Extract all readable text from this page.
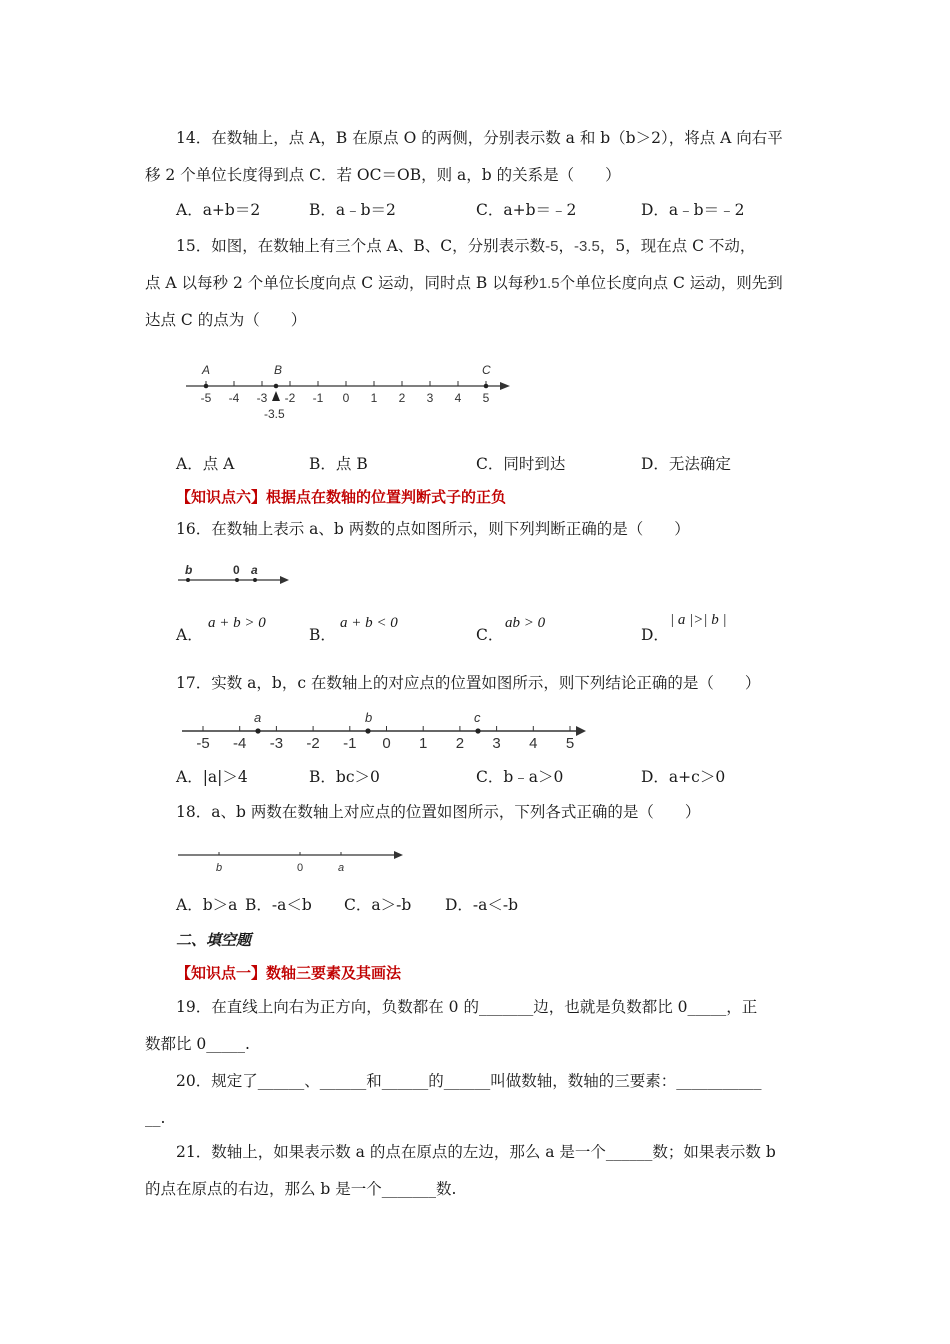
14．在数轴上，点 A，B 在原点 O 的两侧，分别表示数 a 和 b（b＞2），将点 A 向右平
移 2 个单位长度得到点 C．若 OC＝OB，则 a，b 的关系是（　　）
A．a+b＝2	B．a﹣b＝2	C．a+b＝﹣2	D．a﹣b＝﹣2
15．如图，在数轴上有三个点 A、B、C，分别表示数-5，-3.5，5，现在点 C 不动，
点 A 以每秒 2 个单位长度向点 C 运动，同时点 B 以每秒1.5个单位长度向点 C 运动，则先到
达点 C 的点为（　　）
-5 -4 -3 -2 -1 0 1 2 3 4 5
A	B	C
-3.5
A．点 A	B．点 B	C．同时到达	D．无法确定
【知识点六】根据点在数轴的位置判断式子的正负
16．在数轴上表示 a、b 两数的点如图所示，则下列判断正确的是（　　）
b	0 a
A．
a + b > 0
B．
a + b < 0
C．
ab > 0
D．
| a |>| b |
17．实数 a，b，c 在数轴上的对应点的位置如图所示，则下列结论正确的是（　　）
-5 -4 -3 -2 -1 0 1 2 3 4 5
a	b	c
A．|a|＞4	B．bc＞0	C．b﹣a＞0	D．a+c＞0
18．a、b 两数在数轴上对应点的位置如图所示，下列各式正确的是（　　）
b	0	a
A．b＞a B．-a＜b C．a＞-b D．-a＜-b
二、填空题
【知识点一】数轴三要素及其画法
19．在直线上向右为正方向，负数都在 0 的_______边，也就是负数都比 0_____，正
数都比 0_____.
20．规定了______、______和______的______叫做数轴，数轴的三要素：___________
__.
21．数轴上，如果表示数 a 的点在原点的左边，那么 a 是一个______数；如果表示数 b
的点在原点的右边，那么 b 是一个_______数.
